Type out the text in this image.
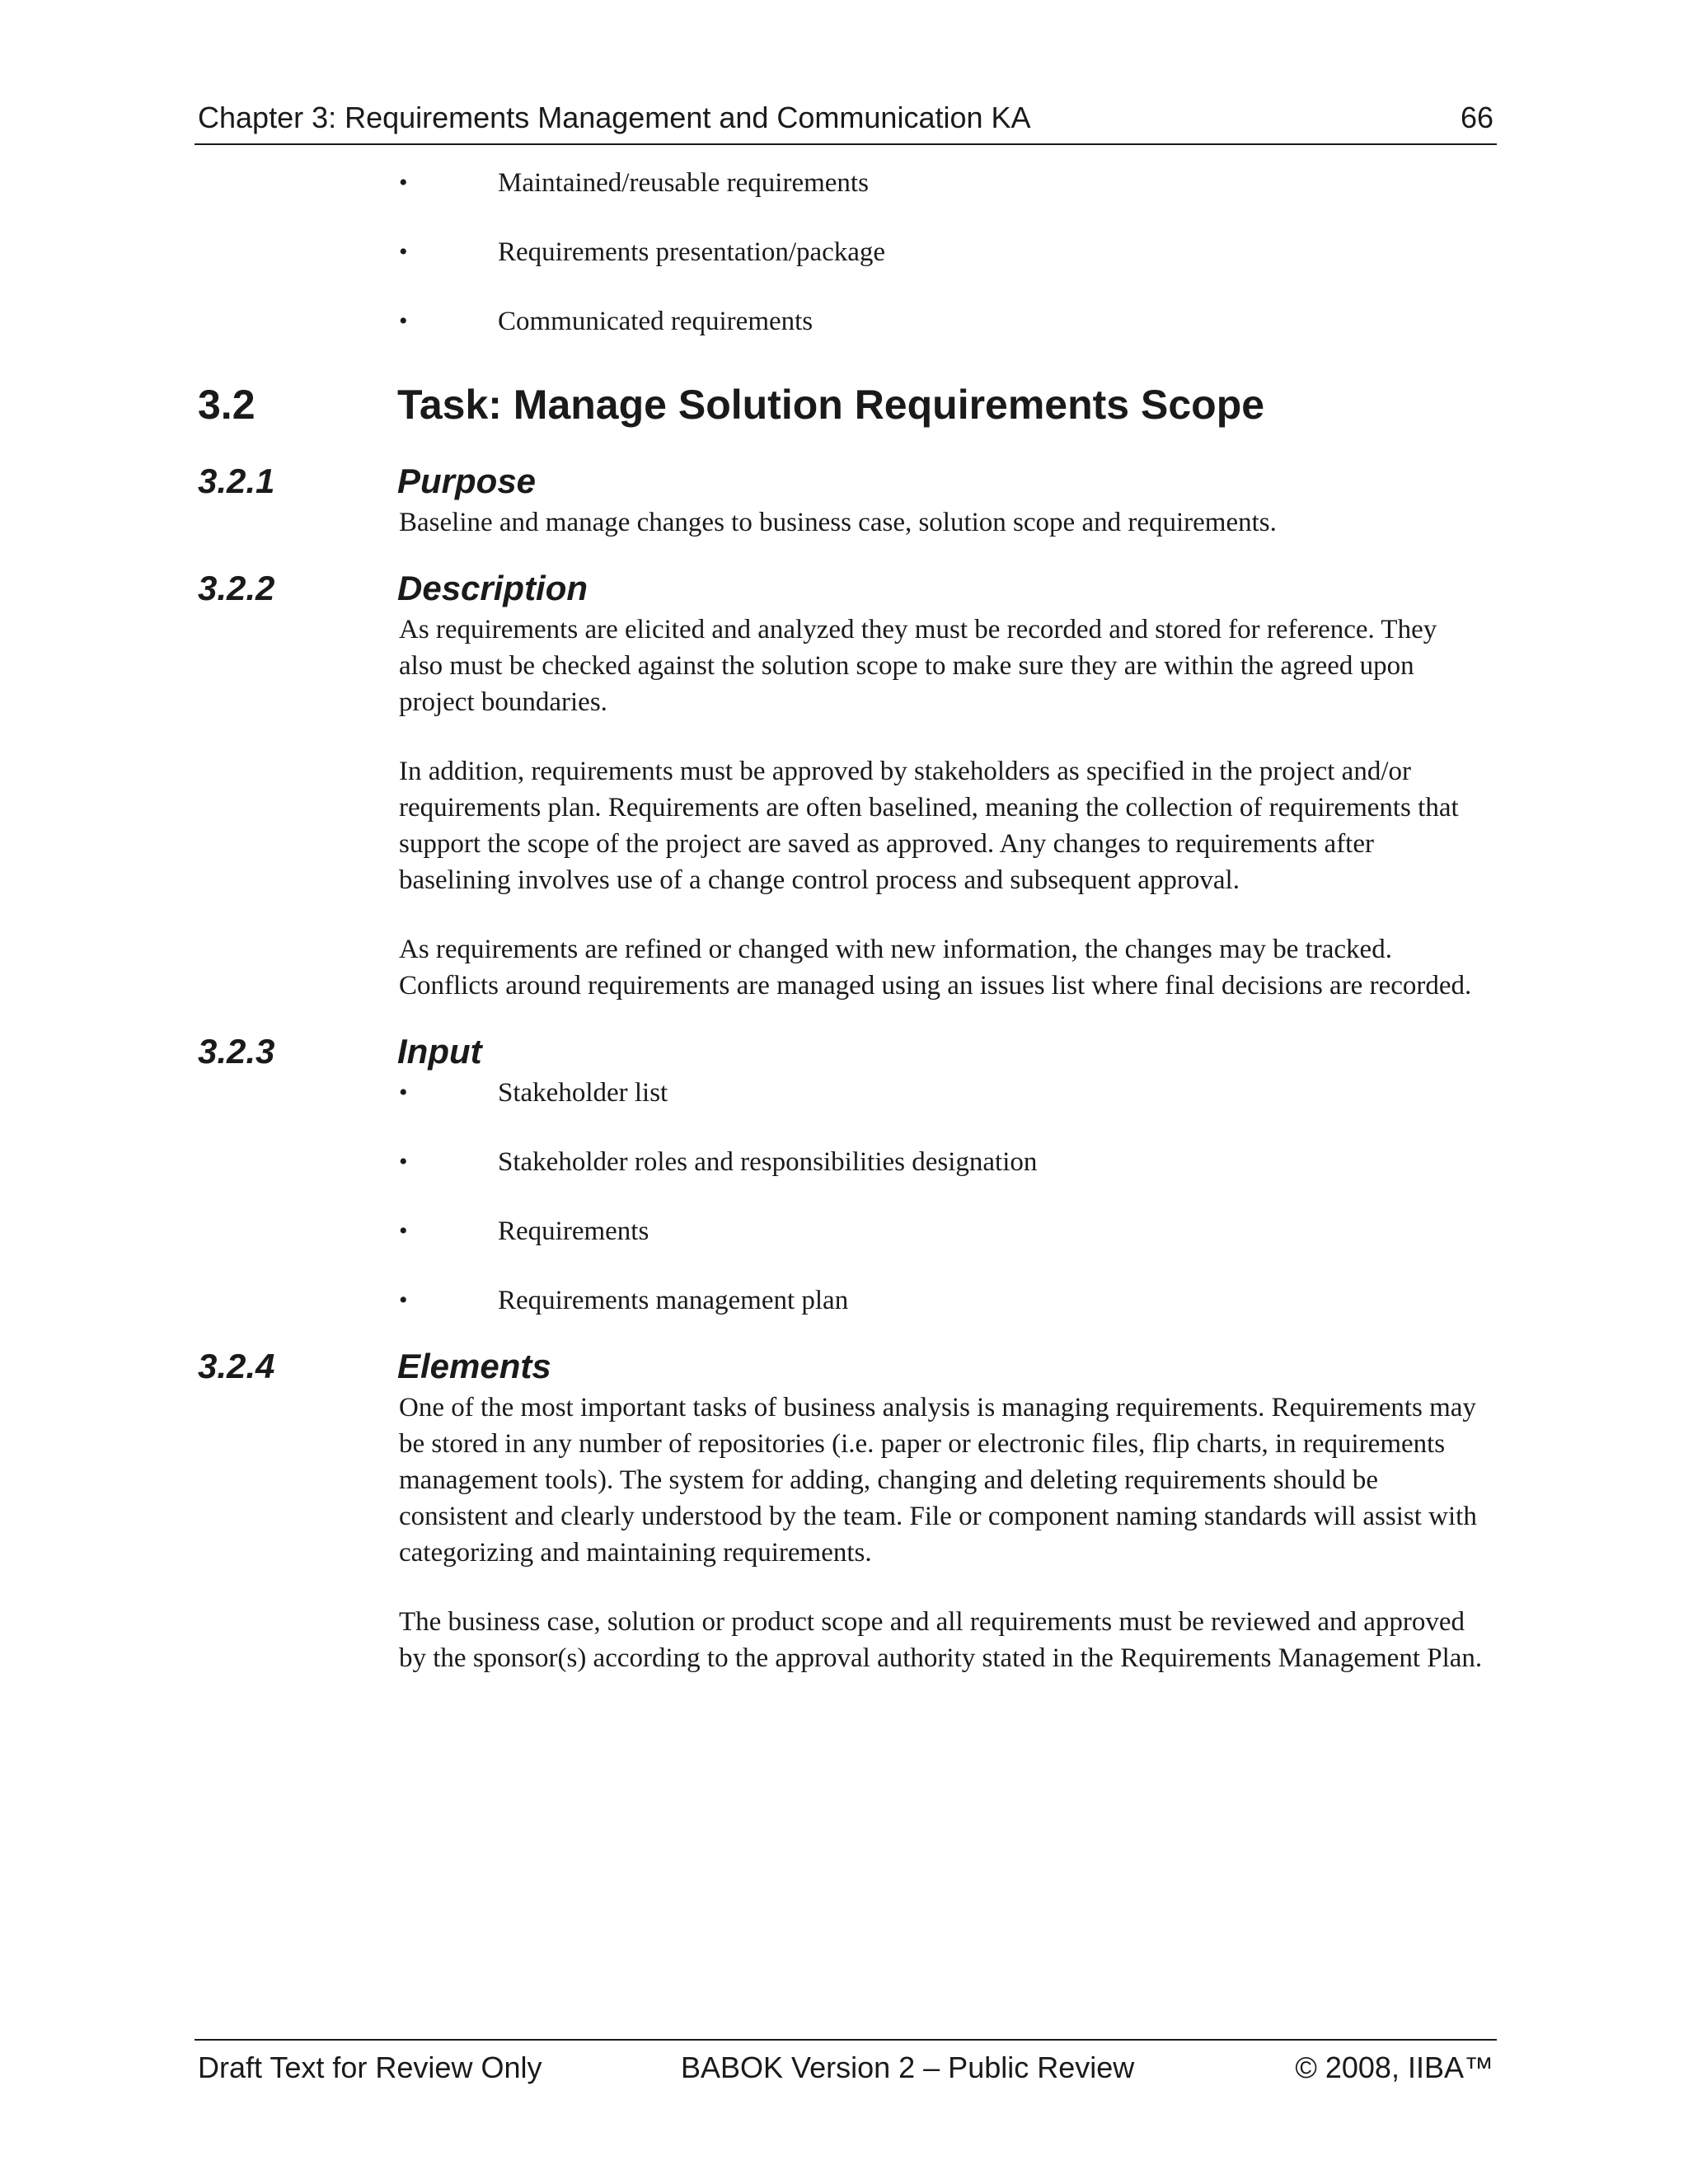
Chapter 3: Requirements Management and Communication KA	66
•	Maintained/reusable requirements
•	Requirements presentation/package
•	Communicated requirements
3.2	Task: Manage Solution Requirements Scope
3.2.1	Purpose

Baseline and manage changes to business case, solution scope and requirements.

3.2.2	Description

As requirements are elicited and analyzed they must be recorded and stored for reference. They also must be checked against the solution scope to make sure they are within the agreed upon project boundaries.

In addition, requirements must be approved by stakeholders as specified in the project and/or requirements plan. Requirements are often baselined, meaning the collection of requirements that support the scope of the project are saved as approved. Any changes to requirements after baselining involves use of a change control process and subsequent approval.

As requirements are refined or changed with new information, the changes may be tracked. Conflicts around requirements are managed using an issues list where final decisions are recorded.

3.2.3	Input
•	Stakeholder list
•	Stakeholder roles and responsibilities designation
•	Requirements
•	Requirements management plan
3.2.4	Elements

One of the most important tasks of business analysis is managing requirements. Requirements may be stored in any number of repositories (i.e. paper or electronic files, flip charts, in requirements management tools). The system for adding, changing and deleting requirements should be consistent and clearly understood by the team. File or component naming standards will assist with categorizing and maintaining requirements.

The business case, solution or product scope and all requirements must be reviewed and approved by the sponsor(s) according to the approval authority stated in the Requirements Management Plan.

Draft Text for Review Only	BABOK Version 2 – Public Review	© 2008, IIBA™
